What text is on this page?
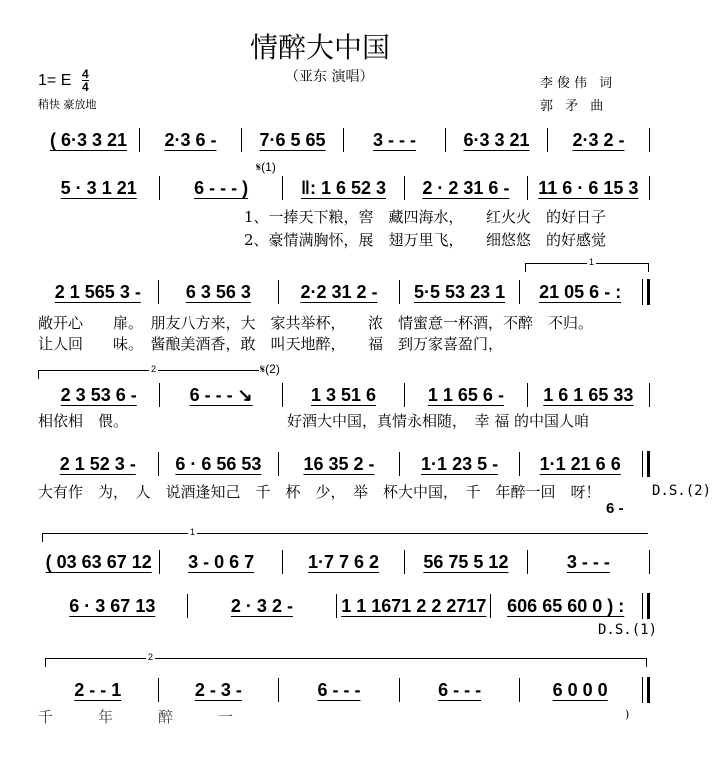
情醉大中国
（亚东 演唱）
1= E 4
4
稍快 豪放地
李俊伟 词
郭 矛 曲
( 6·3 3 21	2·3 6 -	7·6 5 65	3 - - -	6·3 3 21	2·3 2 -
5 · 3 1 21	6 - - - )	‖: 1 6 52 3	2 · 2 31 6 -	11 6 · 6 15 3
2 1 565 3 -	6 3 56 3	2·2 31 2 -	5·5 53 23 1	21 05 6 - :
2 3 53 6 -	6 - - - ↘	1 3 51 6	1 1 65 6 -	1 6 1 65 33
2 1 52 3 -	6 · 6 56 53	16 35 2 -	1·1 23 5 -	1·1 21 6 6
( 03 63 67 12	3 - 0 6 7	1·7 7 6 2	56 75 5 12	3 - - -
6 · 3 67 13	2 · 3 2 -	1 1 1671 2 2 2717	606 65 60 0 ) :
2 - - 1	2 - 3 -	6 - - -	6 - - -	6 0 0 0
𝄋(1)
1、一捧天下粮，窖　藏四海水，　　红火火　的好日子
2、豪情满胸怀，展　翅万里飞，　　细悠悠　的好感觉
1
敞开心　　扉。　朋友八方来，大　家共举杯，　　浓　情蜜意一杯酒，不醉　不归。
让人回　　味。　酱酿美酒香，敢　叫天地醉，　　福　到万家喜盈门，
2	𝄋(2)
相依相　偎。	好酒大中国，真情永相随，　幸 福 的中国人咱
大有作　为，　人　说酒逢知己　千　杯　少，　举　杯大中国，　千　年醉一回　呀！	D.S.(2)
6 -
1
D.S.(1)
2
千　　　年　　　醉　　　一	)
